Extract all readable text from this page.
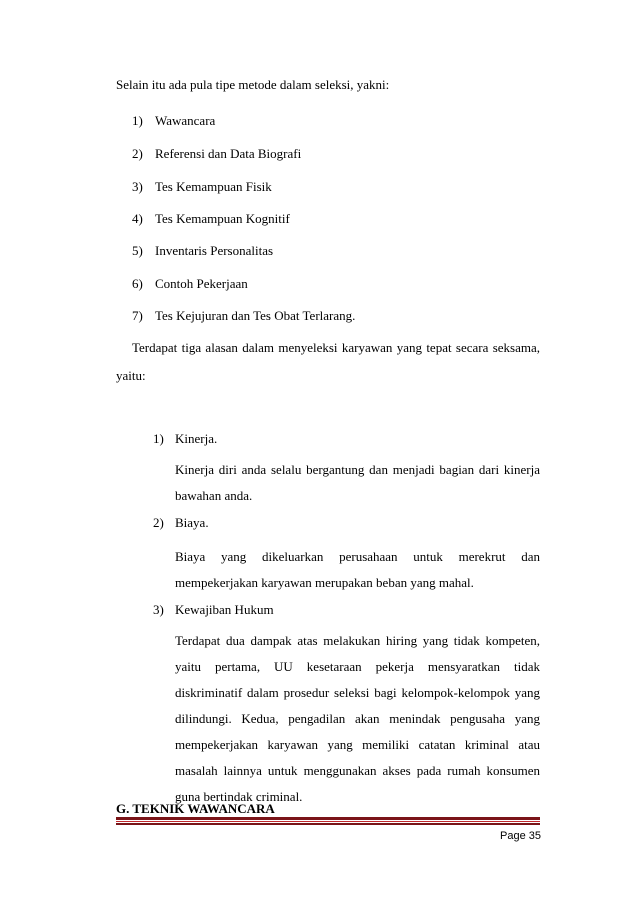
Selain itu ada pula tipe metode dalam seleksi, yakni:
1) Wawancara
2) Referensi dan Data Biografi
3) Tes Kemampuan Fisik
4) Tes Kemampuan Kognitif
5) Inventaris Personalitas
6) Contoh Pekerjaan
7) Tes Kejujuran dan Tes Obat Terlarang.
Terdapat tiga alasan dalam menyeleksi karyawan yang tepat secara seksama,
yaitu:
1) Kinerja.
Kinerja diri anda selalu bergantung dan menjadi bagian dari kinerja bawahan anda.
2) Biaya.
Biaya yang dikeluarkan perusahaan untuk merekrut dan mempekerjakan karyawan merupakan beban yang mahal.
3) Kewajiban Hukum
Terdapat dua dampak atas melakukan hiring yang tidak kompeten, yaitu pertama, UU kesetaraan pekerja mensyaratkan tidak diskriminatif dalam prosedur seleksi bagi kelompok-kelompok yang dilindungi. Kedua, pengadilan akan menindak pengusaha yang mempekerjakan karyawan yang memiliki catatan kriminal atau masalah lainnya untuk menggunakan akses pada rumah konsumen guna bertindak criminal.
G. TEKNIK WAWANCARA
Page 35
